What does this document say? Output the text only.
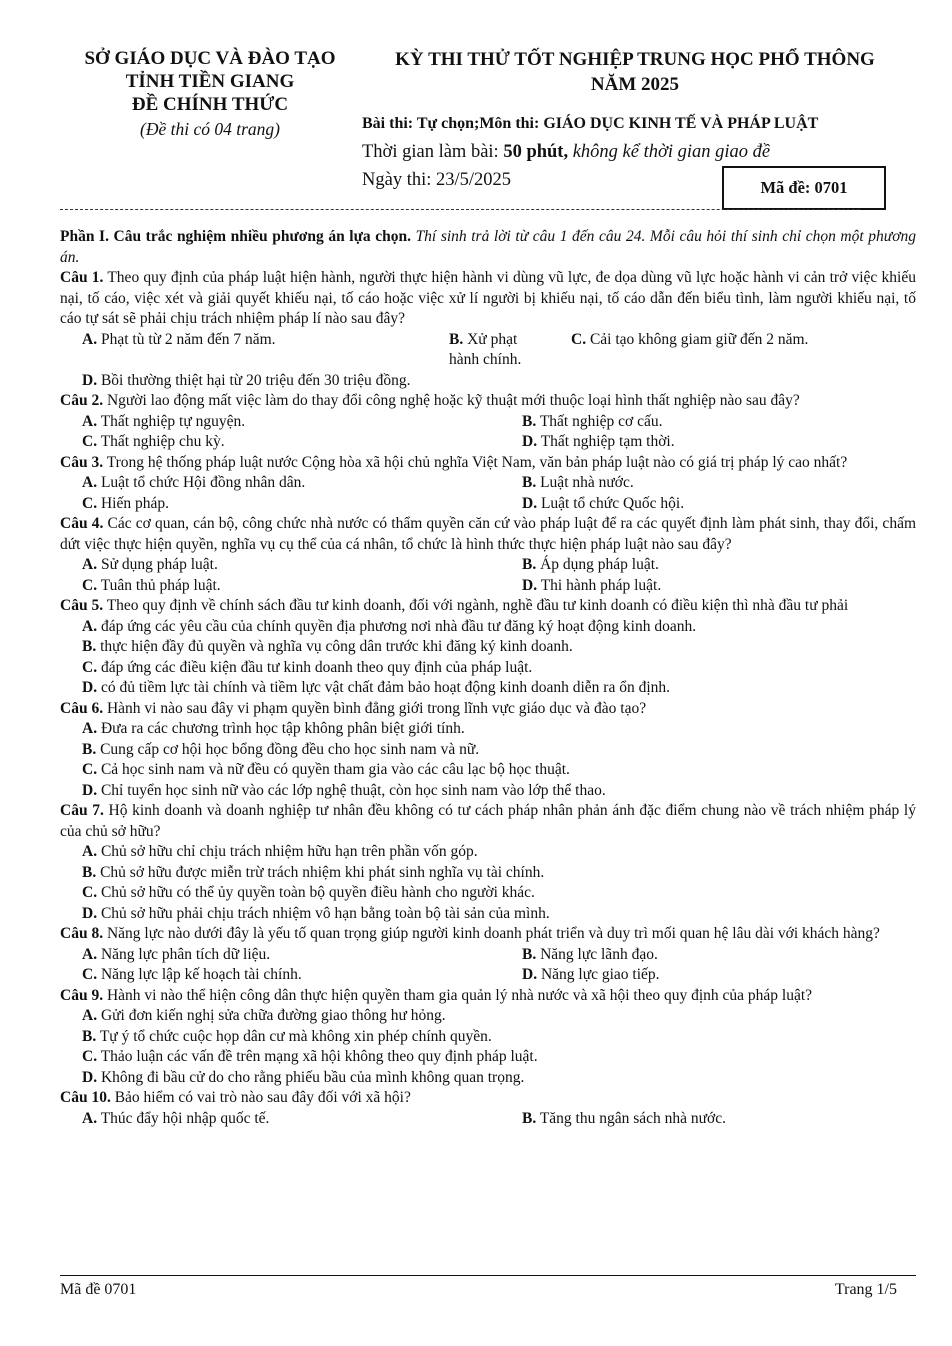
SỞ GIÁO DỤC VÀ ĐÀO TẠO
TỈNH TIỀN GIANG
ĐỀ CHÍNH THỨC
(Đề thi có 04 trang)
KỲ THI THỬ TỐT NGHIỆP TRUNG HỌC PHỔ THÔNG
NĂM 2025
Bài thi: Tự chọn;Môn thi: GIÁO DỤC KINH TẾ VÀ PHÁP LUẬT
Thời gian làm bài: 50 phút, không kể thời gian giao đề
Ngày thi: 23/5/2025	Mã đề: 0701

Phần I. Câu trắc nghiệm nhiều phương án lựa chọn. Thí sinh trả lời từ câu 1 đến câu 24. Mỗi câu hỏi thí sinh chỉ chọn một phương án.

Câu 1. Theo quy định của pháp luật hiện hành, người thực hiện hành vi dùng vũ lực, đe dọa dùng vũ lực hoặc hành vi cản trở việc khiếu nại, tố cáo, việc xét và giải quyết khiếu nại, tố cáo hoặc việc xử lí người bị khiếu nại, tố cáo dẫn đến biểu tình, làm người khiếu nại, tố cáo tự sát sẽ phải chịu trách nhiệm pháp lí nào sau đây?

A. Phạt tù từ 2 năm đến 7 năm.	B. Xử phạt hành chính.
C. Cải tạo không giam giữ đến 2 năm.
D. Bồi thường thiệt hại từ 20 triệu đến 30 triệu đồng.

Câu 2. Người lao động mất việc làm do thay đổi công nghệ hoặc kỹ thuật mới thuộc loại hình thất nghiệp nào sau đây?

A. Thất nghiệp tự nguyện.	B. Thất nghiệp cơ cấu.
C. Thất nghiệp chu kỳ.	D. Thất nghiệp tạm thời.

Câu 3. Trong hệ thống pháp luật nước Cộng hòa xã hội chủ nghĩa Việt Nam, văn bản pháp luật nào có giá trị pháp lý cao nhất?

A. Luật tổ chức Hội đồng nhân dân.	B. Luật nhà nước.
C. Hiến pháp.	D. Luật tổ chức Quốc hội.

Câu 4. Các cơ quan, cán bộ, công chức nhà nước có thẩm quyền căn cứ vào pháp luật để ra các quyết định làm phát sinh, thay đổi, chấm dứt việc thực hiện quyền, nghĩa vụ cụ thể của cá nhân, tổ chức là hình thức thực hiện pháp luật nào sau đây?

A. Sử dụng pháp luật.	B. Áp dụng pháp luật.
C. Tuân thủ pháp luật.	D. Thi hành pháp luật.

Câu 5. Theo quy định về chính sách đầu tư kinh doanh, đối với ngành, nghề đầu tư kinh doanh có điều kiện thì nhà đầu tư phải

A. đáp ứng các yêu cầu của chính quyền địa phương nơi nhà đầu tư đăng ký hoạt động kinh doanh.
B. thực hiện đầy đủ quyền và nghĩa vụ công dân trước khi đăng ký kinh doanh.
C. đáp ứng các điều kiện đầu tư kinh doanh theo quy định của pháp luật.
D. có đủ tiềm lực tài chính và tiềm lực vật chất đảm bảo hoạt động kinh doanh diễn ra ổn định.

Câu 6. Hành vi nào sau đây vi phạm quyền bình đẳng giới trong lĩnh vực giáo dục và đào tạo?

A. Đưa ra các chương trình học tập không phân biệt giới tính.
B. Cung cấp cơ hội học bổng đồng đều cho học sinh nam và nữ.
C. Cả học sinh nam và nữ đều có quyền tham gia vào các câu lạc bộ học thuật.
D. Chỉ tuyển học sinh nữ vào các lớp nghệ thuật, còn học sinh nam vào lớp thể thao.

Câu 7. Hộ kinh doanh và doanh nghiệp tư nhân đều không có tư cách pháp nhân phản ánh đặc điểm chung nào về trách nhiệm pháp lý của chủ sở hữu?

A. Chủ sở hữu chỉ chịu trách nhiệm hữu hạn trên phần vốn góp.
B. Chủ sở hữu được miễn trừ trách nhiệm khi phát sinh nghĩa vụ tài chính.
C. Chủ sở hữu có thể ủy quyền toàn bộ quyền điều hành cho người khác.
D. Chủ sở hữu phải chịu trách nhiệm vô hạn bằng toàn bộ tài sản của mình.

Câu 8. Năng lực nào dưới đây là yếu tố quan trọng giúp người kinh doanh phát triển và duy trì mối quan hệ lâu dài với khách hàng?

A. Năng lực phân tích dữ liệu.	B. Năng lực lãnh đạo.
C. Năng lực lập kế hoạch tài chính.	D. Năng lực giao tiếp.

Câu 9. Hành vi nào thể hiện công dân thực hiện quyền tham gia quản lý nhà nước và xã hội theo quy định của pháp luật?

A. Gửi đơn kiến nghị sửa chữa đường giao thông hư hỏng.
B. Tự ý tổ chức cuộc họp dân cư mà không xin phép chính quyền.
C. Thảo luận các vấn đề trên mạng xã hội không theo quy định pháp luật.
D. Không đi bầu cử do cho rằng phiếu bầu của mình không quan trọng.

Câu 10. Bảo hiểm có vai trò nào sau đây đối với xã hội?

A. Thúc đẩy hội nhập quốc tế.	B. Tăng thu ngân sách nhà nước.
Mã đề 0701	Trang 1/5
